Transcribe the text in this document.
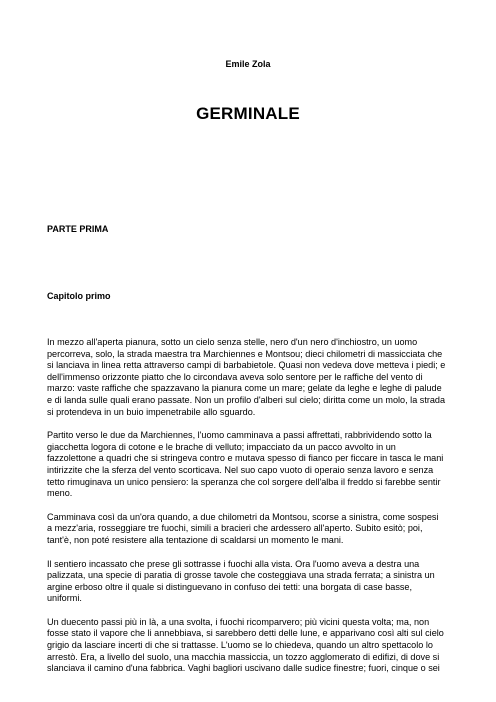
Emile Zola
GERMINALE
PARTE PRIMA
Capitolo primo
In mezzo all'aperta pianura, sotto un cielo senza stelle, nero d'un nero d'inchiostro, un uomo
percorreva, solo, la strada maestra tra Marchiennes e Montsou; dieci chilometri di massicciata che
si lanciava in linea retta attraverso campi di barbabietole. Quasi non vedeva dove metteva i piedi; e
dell'immenso orizzonte piatto che lo circondava aveva solo sentore per le raffiche del vento di
marzo: vaste raffiche che spazzavano la pianura come un mare; gelate da leghe e leghe di palude
e di landa sulle quali erano passate. Non un profilo d'alberi sul cielo; diritta come un molo, la strada
si protendeva in un buio impenetrabile allo sguardo.
Partito verso le due da Marchiennes, l'uomo camminava a passi affrettati, rabbrividendo sotto la
giacchetta logora di cotone e le brache di velluto; impacciato da un pacco avvolto in un
fazzolettone a quadri che si stringeva contro e mutava spesso di fianco per ficcare in tasca le mani
intirizzite che la sferza del vento scorticava. Nel suo capo vuoto di operaio senza lavoro e senza
tetto rimuginava un unico pensiero: la speranza che col sorgere dell'alba il freddo si farebbe sentir
meno.
Camminava così da un'ora quando, a due chilometri da Montsou, scorse a sinistra, come sospesi
a mezz'aria, rosseggiare tre fuochi, simili a bracieri che ardessero all'aperto. Subito esitò; poi,
tant'è, non poté resistere alla tentazione di scaldarsi un momento le mani.
Il sentiero incassato che prese gli sottrasse i fuochi alla vista. Ora l'uomo aveva a destra una
palizzata, una specie di paratia di grosse tavole che costeggiava una strada ferrata; a sinistra un
argine erboso oltre il quale si distinguevano in confuso dei tetti: una borgata di case basse,
uniformi.
Un duecento passi più in là, a una svolta, i fuochi ricomparvero; più vicini questa volta; ma, non
fosse stato il vapore che li annebbiava, si sarebbero detti delle lune, e apparivano così alti sul cielo
grigio da lasciare incerti di che si trattasse. L'uomo se lo chiedeva, quando un altro spettacolo lo
arrestò. Era, a livello del suolo, una macchia massiccia, un tozzo agglomerato di edifizi, di dove si
slanciava il camino d'una fabbrica. Vaghi bagliori uscivano dalle sudice finestre; fuori, cinque o sei
